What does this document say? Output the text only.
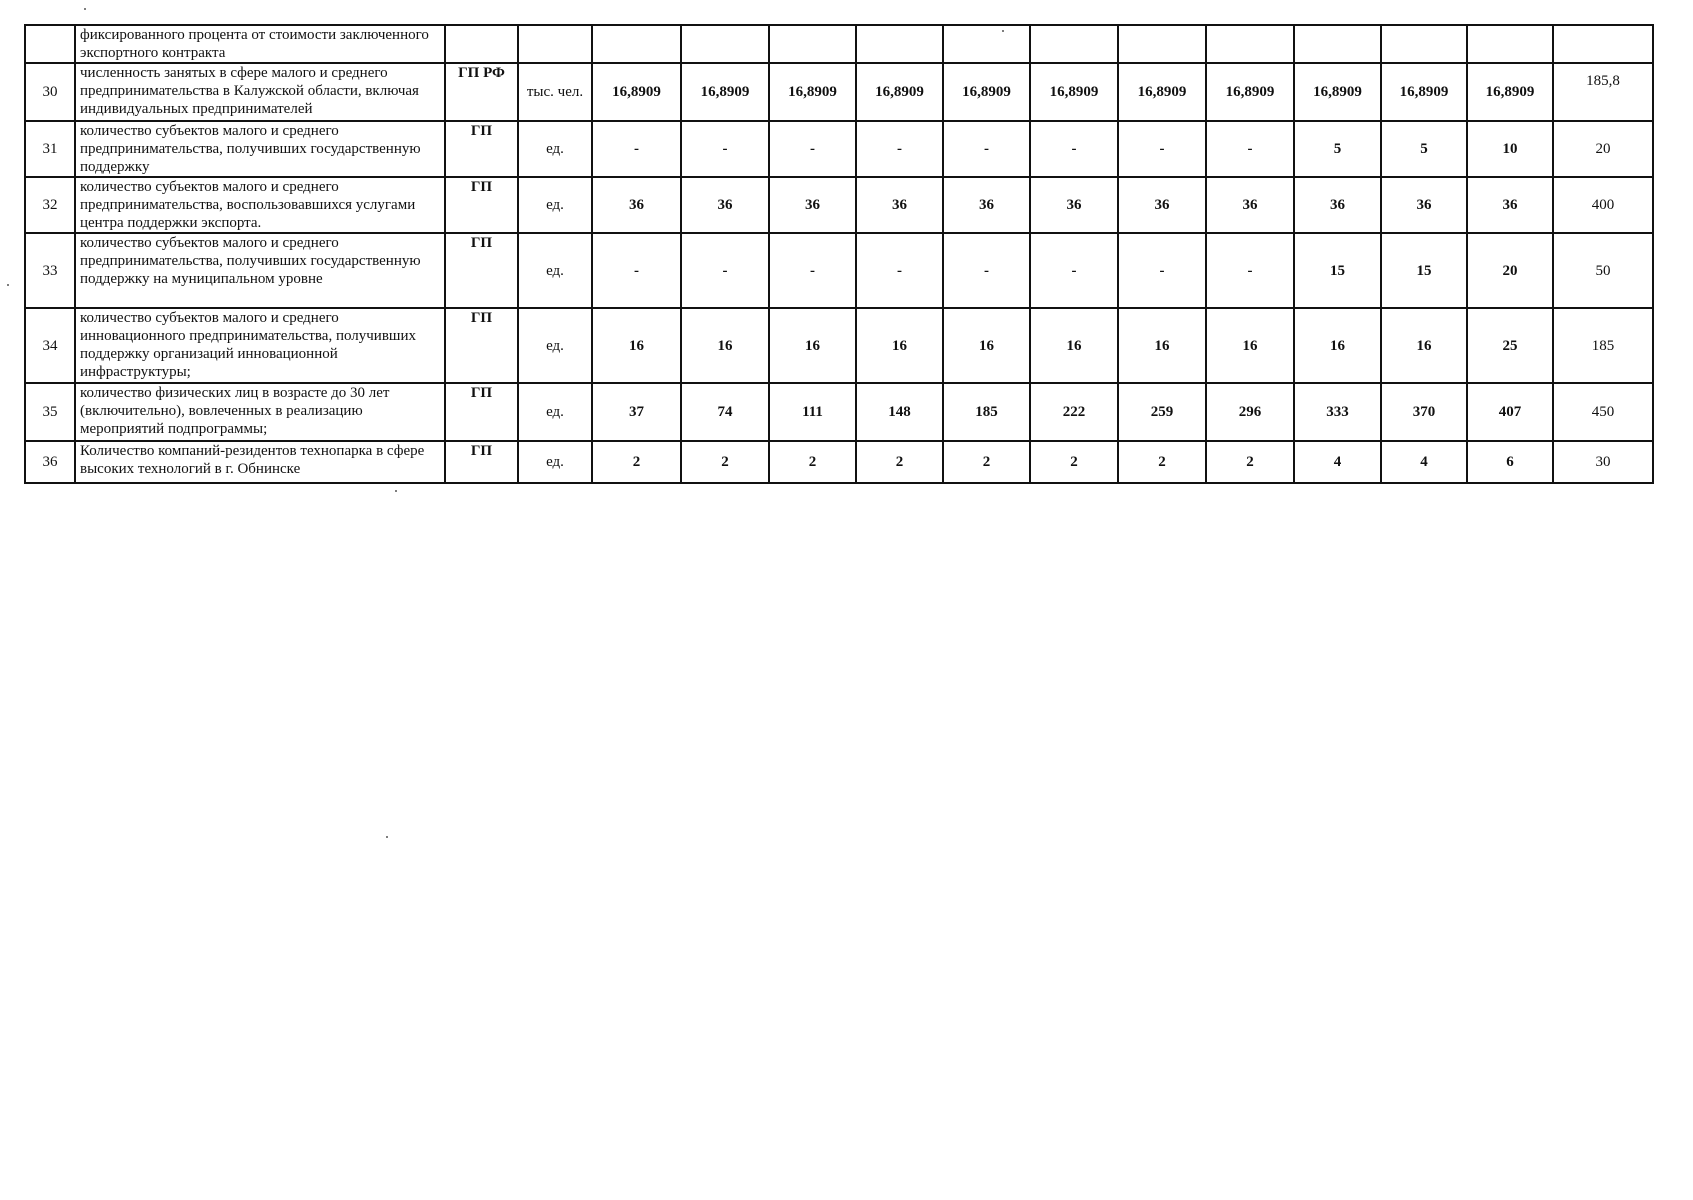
	фиксированного процента от стоимости заключенного экспортного контракта														
30	численность занятых в сфере малого и среднего предпринимательства в Калужской области, включая индивидуальных предпринимателей	ГП РФ	тыс. чел.	16,8909	16,8909	16,8909	16,8909	16,8909	16,8909	16,8909	16,8909	16,8909	16,8909	16,8909	185,8
31	количество субъектов малого и среднего предпринимательства, получивших государственную поддержку	ГП	ед.	-	-	-	-	-	-	-	-	5	5	10	20
32	количество субъектов малого и среднего предпринимательства, воспользовавшихся услугами центра поддержки экспорта.	ГП	ед.	36	36	36	36	36	36	36	36	36	36	36	400
33	количество субъектов малого и среднего предпринимательства, получивших государственную поддержку на муниципальном уровне	ГП	ед.	-	-	-	-	-	-	-	-	15	15	20	50
34	количество субъектов малого и среднего инновационного предпринимательства, получивших поддержку организаций инновационной инфраструктуры;	ГП	ед.	16	16	16	16	16	16	16	16	16	16	25	185
35	количество физических лиц в возрасте до 30 лет (включительно), вовлеченных в реализацию мероприятий подпрограммы;	ГП	ед.	37	74	111	148	185	222	259	296	333	370	407	450
36	Количество компаний-резидентов технопарка в сфере высоких технологий в г. Обнинске	ГП	ед.	2	2	2	2	2	2	2	2	4	4	6	30
